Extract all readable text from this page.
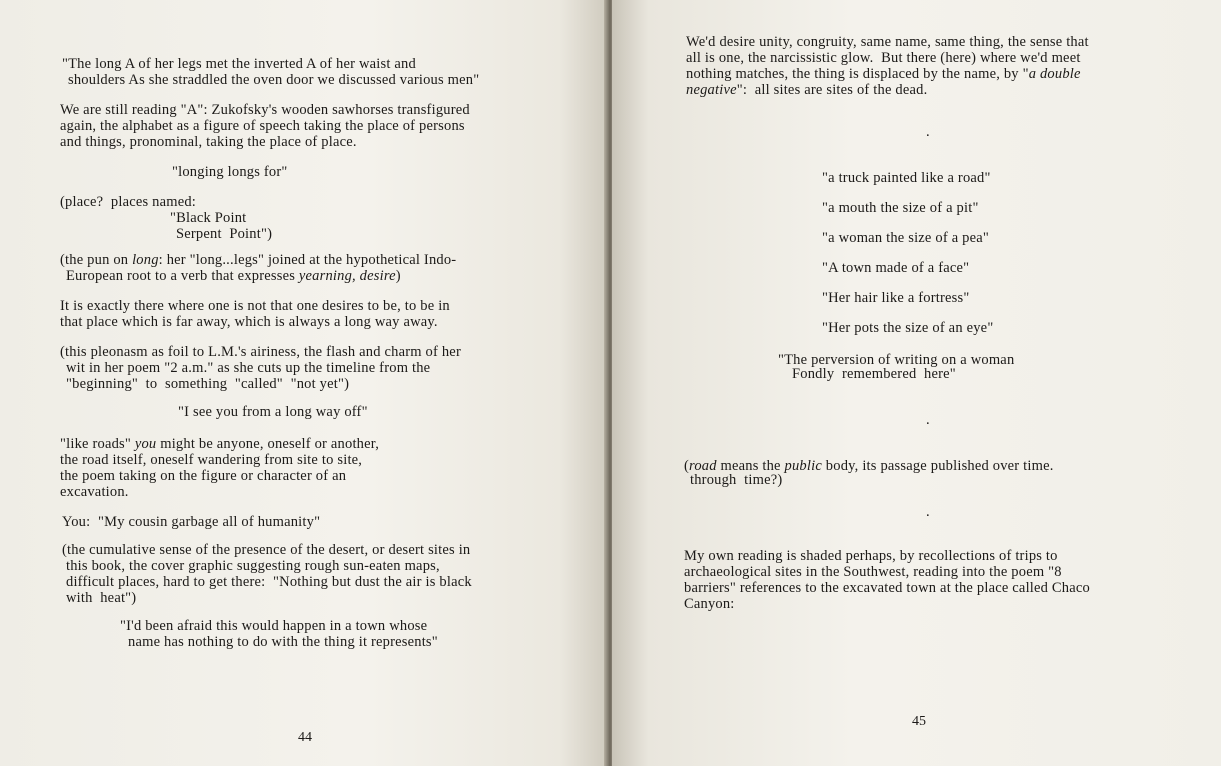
"The long A of her legs met the inverted A of her waist and
shoulders As she straddled the oven door we discussed various men"
We are still reading "A": Zukofsky's wooden sawhorses transfigured
again, the alphabet as a figure of speech taking the place of persons
and things, pronominal, taking the place of place.
"longing longs for"
(place?  places named:
"Black Point
Serpent  Point")
(the pun on long: her "long...legs" joined at the hypothetical Indo-
European root to a verb that expresses yearning, desire)
It is exactly there where one is not that one desires to be, to be in
that place which is far away, which is always a long way away.
(this pleonasm as foil to L.M.'s airiness, the flash and charm of her
wit in her poem "2 a.m." as she cuts up the timeline from the
"beginning"  to  something  "called"  "not yet")
"I see you from a long way off"
"like roads" you might be anyone, oneself or another,
the road itself, oneself wandering from site to site,
the poem taking on the figure or character of an
excavation.
You:  "My cousin garbage all of humanity"
(the cumulative sense of the presence of the desert, or desert sites in
this book, the cover graphic suggesting rough sun-eaten maps,
difficult places, hard to get there:  "Nothing but dust the air is black
with  heat")
"I'd been afraid this would happen in a town whose
name has nothing to do with the thing it represents"
44
We'd desire unity, congruity, same name, same thing, the sense that
all is one, the narcissistic glow.  But there (here) where we'd meet
nothing matches, the thing is displaced by the name, by "a double
negative":  all sites are sites of the dead.
.
"a truck painted like a road"
"a mouth the size of a pit"
"a woman the size of a pea"
"A town made of a face"
"Her hair like a fortress"
"Her pots the size of an eye"
"The perversion of writing on a woman
Fondly  remembered  here"
.
(road means the public body, its passage published over time.
through  time?)
.
My own reading is shaded perhaps, by recollections of trips to
archaeological sites in the Southwest, reading into the poem "8
barriers" references to the excavated town at the place called Chaco
Canyon:
45
